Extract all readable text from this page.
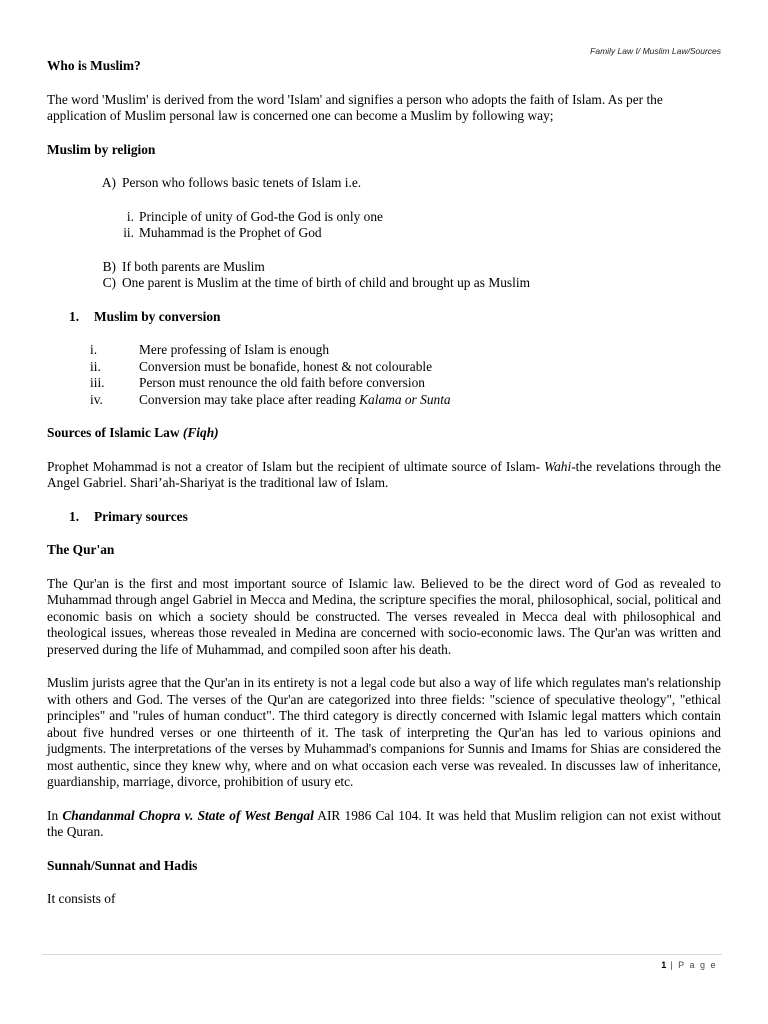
Family Law I/ Muslim Law/Sources
Who is Muslim?

The word 'Muslim' is derived from the word 'Islam' and signifies a person who adopts the faith of Islam. As per the application of Muslim personal law is concerned one can become a Muslim by following way;

Muslim by religion
A) Person who follows basic tenets of Islam i.e.
i. Principle of unity of God-the God is only one
ii. Muhammad is the Prophet of God
B) If both parents are Muslim
C) One parent is Muslim at the time of birth of child and brought up as Muslim
1.	Muslim by conversion
i.	Mere professing of Islam is enough
ii.	Conversion must be bonafide, honest & not colourable
iii.	Person must renounce the old faith before conversion
iv.	Conversion may take place after reading Kalama or Sunta
Sources of Islamic Law (Fiqh)

Prophet Mohammad is not a creator of Islam but the recipient of ultimate source of Islam- Wahi-the revelations through the Angel Gabriel. Shari’ah-Shariyat is the traditional law of Islam.

1.	Primary sources
The Qur'an

The Qur'an is the first and most important source of Islamic law. Believed to be the direct word of God as revealed to Muhammad through angel Gabriel in Mecca and Medina, the scripture specifies the moral, philosophical, social, political and economic basis on which a society should be constructed. The verses revealed in Mecca deal with philosophical and theological issues, whereas those revealed in Medina are concerned with socio-economic laws. The Qur'an was written and preserved during the life of Muhammad, and compiled soon after his death.

Muslim jurists agree that the Qur'an in its entirety is not a legal code but also a way of life which regulates man's relationship with others and God. The verses of the Qur'an are categorized into three fields: "science of speculative theology", "ethical principles" and "rules of human conduct". The third category is directly concerned with Islamic legal matters which contain about five hundred verses or one thirteenth of it. The task of interpreting the Qur'an has led to various opinions and judgments. The interpretations of the verses by Muhammad's companions for Sunnis and Imams for Shias are considered the most authentic, since they knew why, where and on what occasion each verse was revealed. In discusses law of inheritance, guardianship, marriage, divorce, prohibition of usury etc.

In Chandanmal Chopra v. State of West Bengal AIR 1986 Cal 104. It was held that Muslim religion can not exist without the Quran.

Sunnah/Sunnat and Hadis

It consists of

1 | P a g e
